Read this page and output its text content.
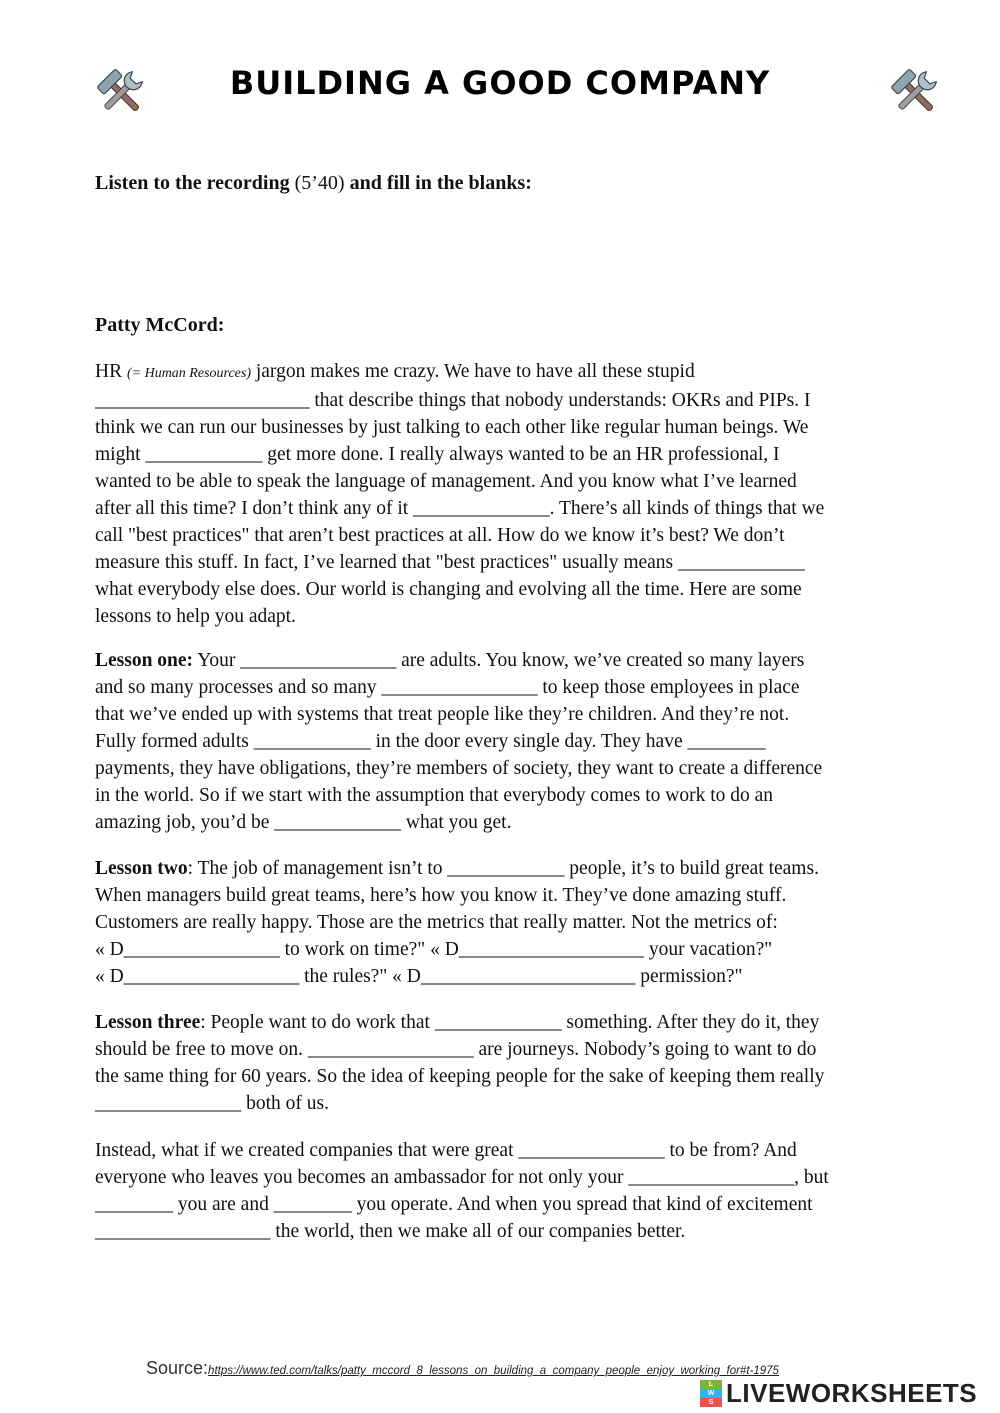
BUILDING A GOOD COMPANY
Listen to the recording (5’40) and fill in the blanks:
Patty McCord:
HR (= Human Resources) jargon makes me crazy. We have to have all these stupid
______________________ that describe things that nobody understands: OKRs and PIPs. I
think we can run our businesses by just talking to each other like regular human beings. We
might ____________ get more done. I really always wanted to be an HR professional, I
wanted to be able to speak the language of management. And you know what I’ve learned
after all this time? I don’t think any of it ______________. There’s all kinds of things that we
call "best practices" that aren’t best practices at all. How do we know it’s best? We don’t
measure this stuff. In fact, I’ve learned that "best practices" usually means _____________
what everybody else does. Our world is changing and evolving all the time. Here are some
lessons to help you adapt.
Lesson one: Your ________________ are adults. You know, we’ve created so many layers
and so many processes and so many ________________ to keep those employees in place
that we’ve ended up with systems that treat people like they’re children. And they’re not.
Fully formed adults ____________ in the door every single day. They have ________
payments, they have obligations, they’re members of society, they want to create a difference
in the world. So if we start with the assumption that everybody comes to work to do an
amazing job, you’d be _____________ what you get.
Lesson two: The job of management isn’t to ____________ people, it’s to build great teams.
When managers build great teams, here’s how you know it. They’ve done amazing stuff.
Customers are really happy. Those are the metrics that really matter. Not the metrics of:
« D________________ to work on time?" « D___________________ your vacation?"
« D__________________ the rules?" « D______________________ permission?"
Lesson three: People want to do work that _____________ something. After they do it, they
should be free to move on. _________________ are journeys. Nobody’s going to want to do
the same thing for 60 years. So the idea of keeping people for the sake of keeping them really
_______________ both of us.
Instead, what if we created companies that were great _______________ to be from? And
everyone who leaves you becomes an ambassador for not only your _________________, but
________ you are and ________ you operate. And when you spread that kind of excitement
__________________ the world, then we make all of our companies better.
Source:https://www.ted.com/talks/patty_mccord_8_lessons_on_building_a_company_people_enjoy_working_for#t-1975
L
W
S LIVEWORKSHEETS
